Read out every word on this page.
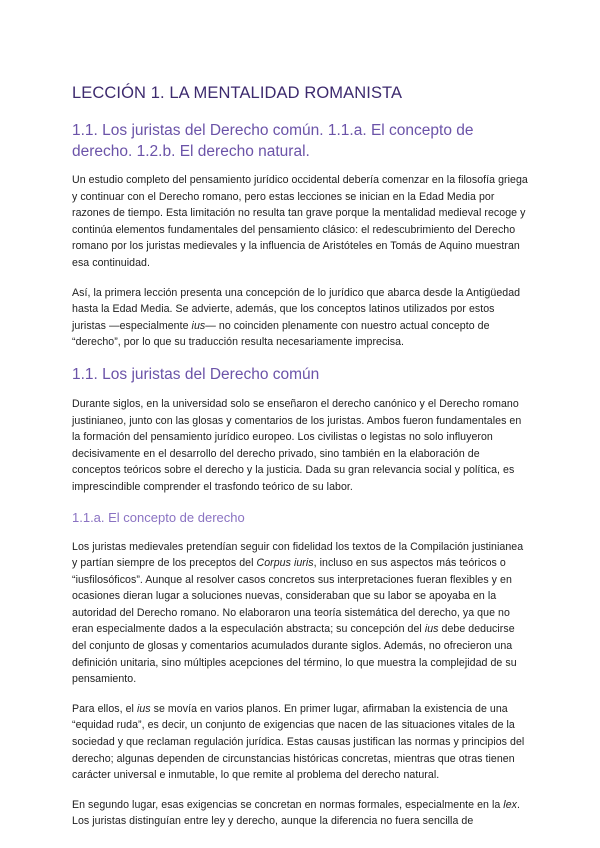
LECCIÓN 1. LA MENTALIDAD ROMANISTA
1.1. Los juristas del Derecho común. 1.1.a. El concepto de derecho. 1.2.b. El derecho natural.

Un estudio completo del pensamiento jurídico occidental debería comenzar en la filosofía griega y continuar con el Derecho romano, pero estas lecciones se inician en la Edad Media por razones de tiempo. Esta limitación no resulta tan grave porque la mentalidad medieval recoge y continúa elementos fundamentales del pensamiento clásico: el redescubrimiento del Derecho romano por los juristas medievales y la influencia de Aristóteles en Tomás de Aquino muestran esa continuidad.

Así, la primera lección presenta una concepción de lo jurídico que abarca desde la Antigüedad hasta la Edad Media. Se advierte, además, que los conceptos latinos utilizados por estos juristas —especialmente ius— no coinciden plenamente con nuestro actual concepto de “derecho”, por lo que su traducción resulta necesariamente imprecisa.

1.1. Los juristas del Derecho común

Durante siglos, en la universidad solo se enseñaron el derecho canónico y el Derecho romano justinianeo, junto con las glosas y comentarios de los juristas. Ambos fueron fundamentales en la formación del pensamiento jurídico europeo. Los civilistas o legistas no solo influyeron decisivamente en el desarrollo del derecho privado, sino también en la elaboración de conceptos teóricos sobre el derecho y la justicia. Dada su gran relevancia social y política, es imprescindible comprender el trasfondo teórico de su labor.

1.1.a. El concepto de derecho

Los juristas medievales pretendían seguir con fidelidad los textos de la Compilación justinianea y partían siempre de los preceptos del Corpus iuris, incluso en sus aspectos más teóricos o “iusfilosóficos”. Aunque al resolver casos concretos sus interpretaciones fueran flexibles y en ocasiones dieran lugar a soluciones nuevas, consideraban que su labor se apoyaba en la autoridad del Derecho romano. No elaboraron una teoría sistemática del derecho, ya que no eran especialmente dados a la especulación abstracta; su concepción del ius debe deducirse del conjunto de glosas y comentarios acumulados durante siglos. Además, no ofrecieron una definición unitaria, sino múltiples acepciones del término, lo que muestra la complejidad de su pensamiento.

Para ellos, el ius se movía en varios planos. En primer lugar, afirmaban la existencia de una “equidad ruda”, es decir, un conjunto de exigencias que nacen de las situaciones vitales de la sociedad y que reclaman regulación jurídica. Estas causas justifican las normas y principios del derecho; algunas dependen de circunstancias históricas concretas, mientras que otras tienen carácter universal e inmutable, lo que remite al problema del derecho natural.

En segundo lugar, esas exigencias se concretan en normas formales, especialmente en la lex. Los juristas distinguían entre ley y derecho, aunque la diferencia no fuera sencilla de
